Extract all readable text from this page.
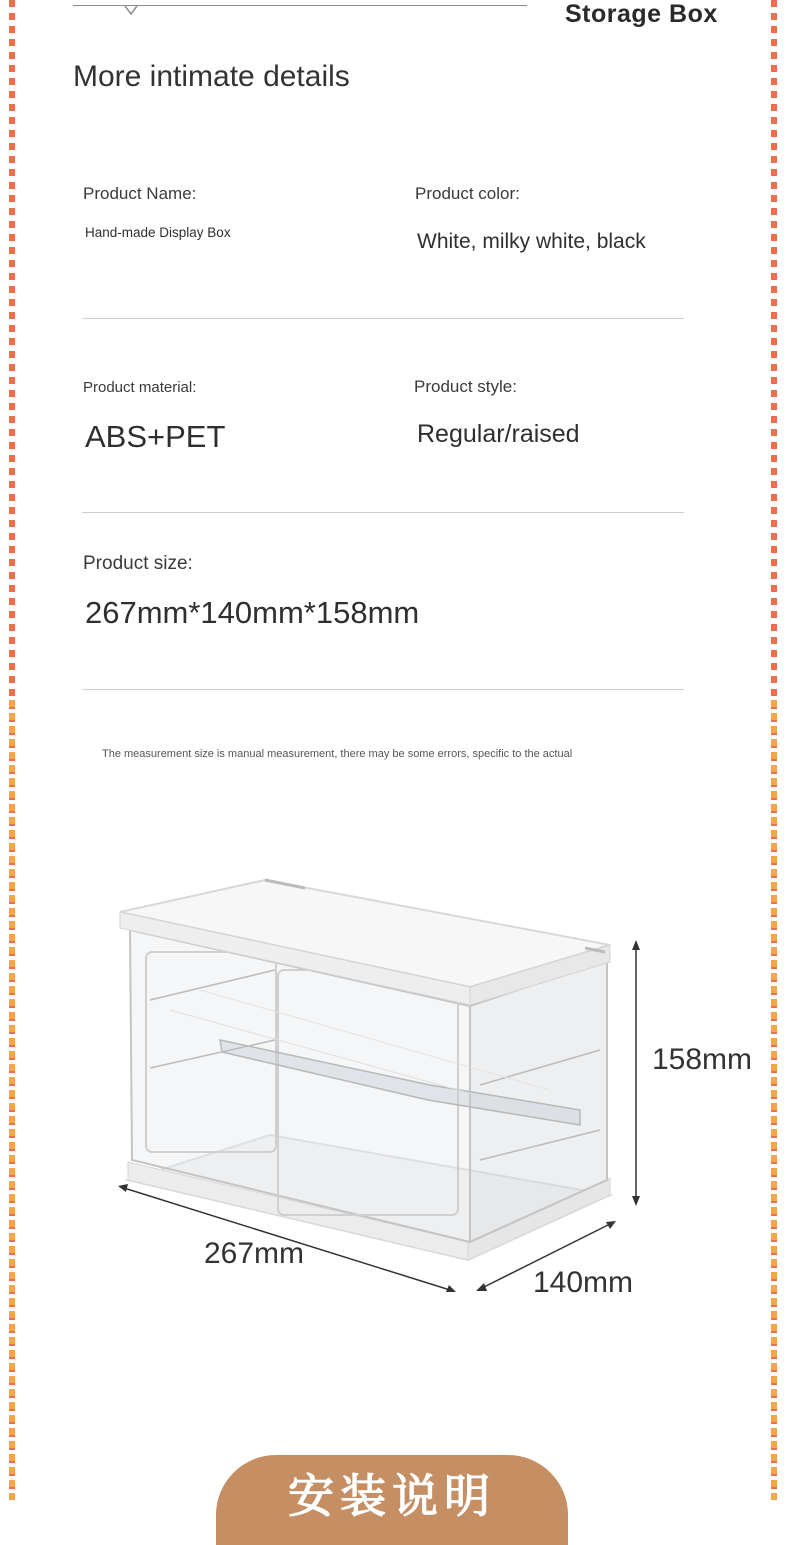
Storage Box
More intimate details
Product Name:
Hand-made Display Box
Product color:
White, milky white, black
Product material:
ABS+PET
Product style:
Regular/raised
Product size:
267mm*140mm*158mm
The measurement size is manual measurement, there may be some errors, specific to the actual
158mm
267mm
140mm
安装说明
